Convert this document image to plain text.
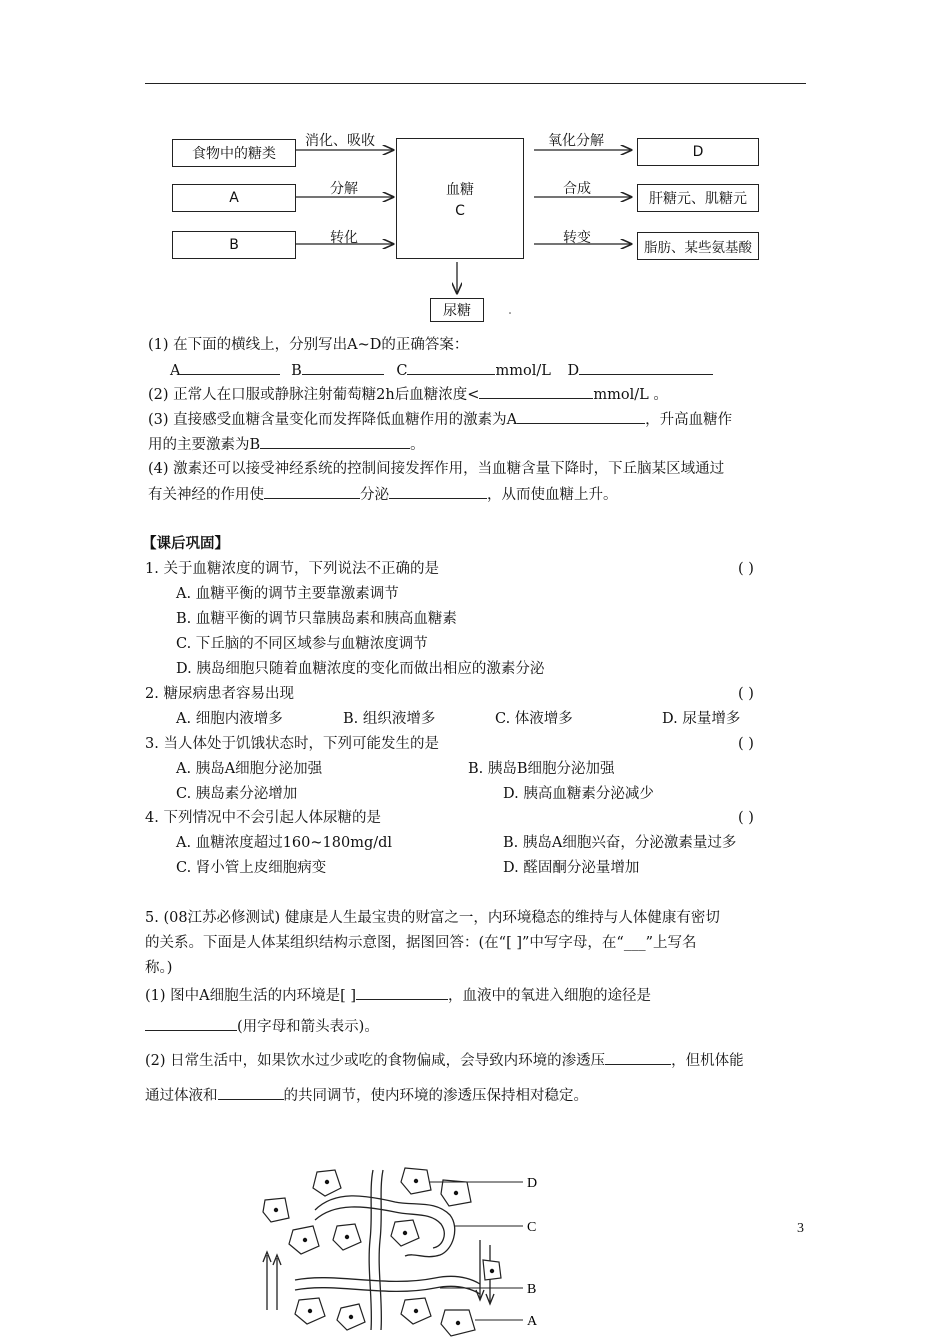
食物中的糖类
A
B
血糖
C
D
肝糖元、肌糖元
脂肪、某些氨基酸
尿糖
消化、吸收
分解
转化
氧化分解
合成
转变
(1) 在下面的横线上，分别写出A~D的正确答案：
A	B	C	mmol/L D
(2) 正常人在口服或静脉注射葡萄糖2h后血糖浓度<	mmol/L 。
(3) 直接感受血糖含量变化而发挥降低血糖作用的激素为A	，升高血糖作
用的主要激素为B	。
(4) 激素还可以接受神经系统的控制间接发挥作用，当血糖含量下降时，下丘脑某区域通过
有关神经的作用使	分泌	，从而使血糖上升。
【课后巩固】
1. 关于血糖浓度的调节，下列说法不正确的是	( )
A. 血糖平衡的调节主要靠激素调节
B. 血糖平衡的调节只靠胰岛素和胰高血糖素
C. 下丘脑的不同区域参与血糖浓度调节
D. 胰岛细胞只随着血糖浓度的变化而做出相应的激素分泌
2. 糖尿病患者容易出现	( )
A. 细胞内液增多	B. 组织液增多	C. 体液增多	D. 尿量增多
3. 当人体处于饥饿状态时，下列可能发生的是	( )
A. 胰岛A细胞分泌加强	B. 胰岛B细胞分泌加强
C. 胰岛素分泌增加	D. 胰高血糖素分泌减少
4. 下列情况中不会引起人体尿糖的是	( )
A. 血糖浓度超过160~180mg/dl	B. 胰岛A细胞兴奋，分泌激素量过多
C. 肾小管上皮细胞病变	D. 醛固酮分泌量增加
5. (08江苏必修测试) 健康是人生最宝贵的财富之一，内环境稳态的维持与人体健康有密切
的关系。下面是人体某组织结构示意图，据图回答：(在“[ ]”中写字母，在“___”上写名
称。)
(1) 图中A细胞生活的内环境是[ ]	，血液中的氧进入细胞的途径是
(用字母和箭头表示)。
(2) 日常生活中，如果饮水过少或吃的食物偏咸，会导致内环境的渗透压	，但机体能
通过体液和	的共同调节，使内环境的渗透压保持相对稳定。
D
C
B
A
3
